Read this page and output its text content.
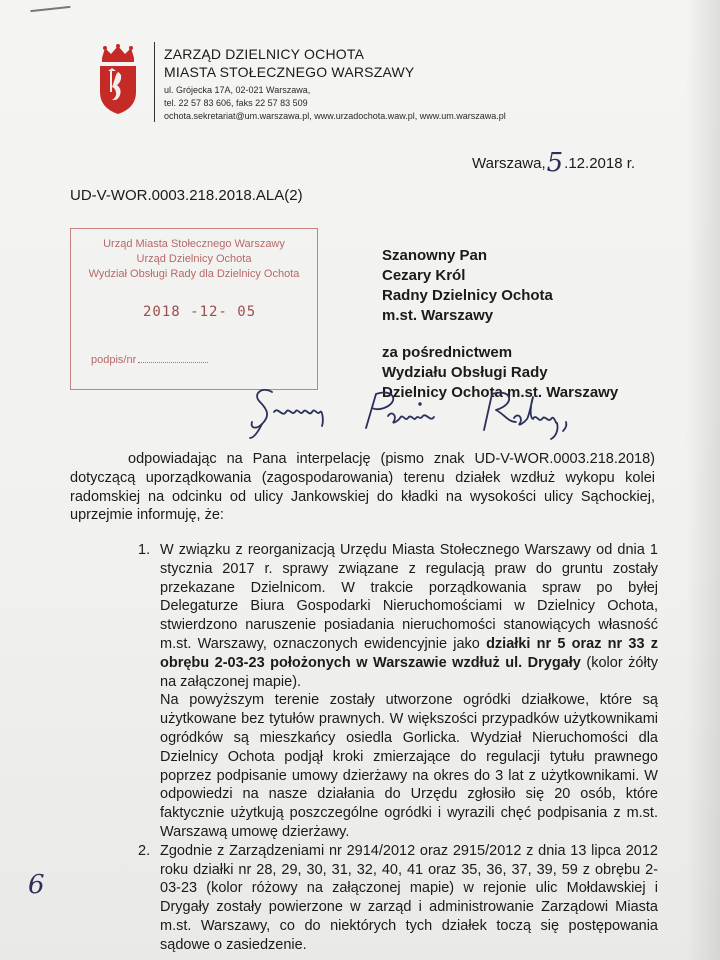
ZARZĄD DZIELNICY OCHOTA
MIASTA STOŁECZNEGO WARSZAWY
ul. Grójecka 17A, 02-021 Warszawa,
tel. 22 57 83 606, faks 22 57 83 509
ochota.sekretariat@um.warszawa.pl, www.urzadochota.waw.pl, www.um.warszawa.pl
Warszawa,5.12.2018 r.
UD-V-WOR.0003.218.2018.ALA(2)
Urząd Miasta Stołecznego Warszawy
Urząd Dzielnicy Ochota
Wydział Obsługi Rady dla Dzielnicy Ochota
2018 -12- 05
podpis/nr
Szanowny Pan
Cezary Król
Radny Dzielnicy Ochota
m.st. Warszawy
za pośrednictwem
Wydziału Obsługi Rady
Dzielnicy Ochota m.st. Warszawy

odpowiadając na Pana interpelację (pismo znak UD-V-WOR.0003.218.2018) dotyczącą uporządkowania (zagospodarowania) terenu działek wzdłuż wykopu kolei radomskiej na odcinku od ulicy Jankowskiej do kładki na wysokości ulicy Sąchockiej, uprzejmie informuję, że:

1. W związku z reorganizacją Urzędu Miasta Stołecznego Warszawy od dnia 1 stycznia 2017 r. sprawy związane z regulacją praw do gruntu zostały przekazane Dzielnicom. W trakcie porządkowania spraw po byłej Delegaturze Biura Gospodarki Nieruchomościami w Dzielnicy Ochota, stwierdzono naruszenie posiadania nieruchomości stanowiących własność m.st. Warszawy, oznaczonych ewidencyjnie jako działki nr 5 oraz nr 33 z obrębu 2-03-23 położonych w Warszawie wzdłuż ul. Drygały (kolor żółty na załączonej mapie).
Na powyższym terenie zostały utworzone ogródki działkowe, które są użytkowane bez tytułów prawnych. W większości przypadków użytkownikami ogródków są mieszkańcy osiedla Gorlicka. Wydział Nieruchomości dla Dzielnicy Ochota podjął kroki zmierzające do regulacji tytułu prawnego poprzez podpisanie umowy dzierżawy na okres do 3 lat z użytkownikami. W odpowiedzi na nasze działania do Urzędu zgłosiło się 20 osób, które faktycznie użytkują poszczególne ogródki i wyrazili chęć podpisania z m.st. Warszawą umowę dzierżawy.
2. Zgodnie z Zarządzeniami nr 2914/2012 oraz 2915/2012 z dnia 13 lipca 2012 roku działki nr 28, 29, 30, 31, 32, 40, 41 oraz 35, 36, 37, 39, 59 z obrębu 2-03-23 (kolor różowy na załączonej mapie) w rejonie ulic Mołdawskiej i Drygały zostały powierzone w zarząd i administrowanie Zarządowi Miasta m.st. Warszawy, co do niektórych tych działek toczą się postępowania sądowe o zasiedzenie.
6
